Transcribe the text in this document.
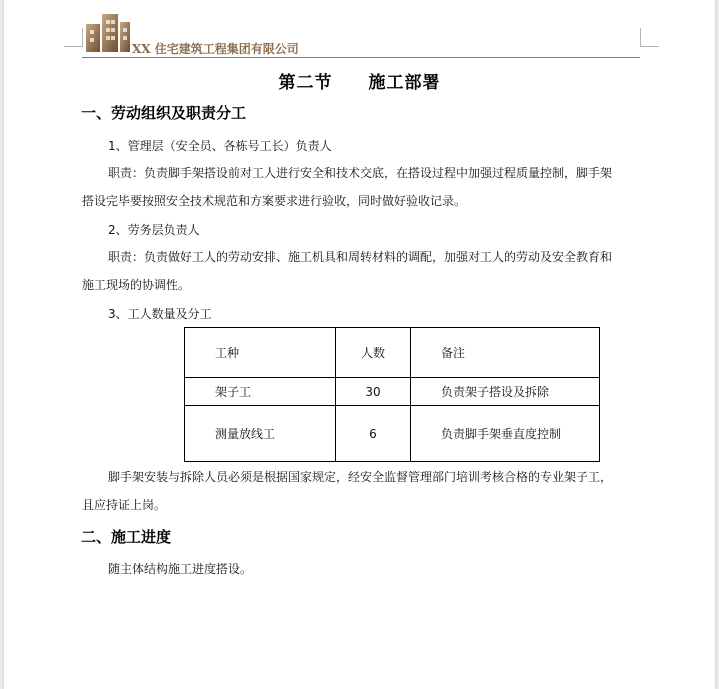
XX 住宅建筑工程集团有限公司
第二节　　施工部署
一、劳动组织及职责分工
1、管理层（安全员、各栋号工长）负责人
职责：负责脚手架搭设前对工人进行安全和技术交底，在搭设过程中加强过程质量控制，脚手架
搭设完毕要按照安全技术规范和方案要求进行验收，同时做好验收记录。
2、劳务层负责人
职责：负责做好工人的劳动安排、施工机具和周转材料的调配，加强对工人的劳动及安全教育和
施工现场的协调性。
3、工人数量及分工
工种	人数	备注
架子工	30	负责架子搭设及拆除
测量放线工	6	负责脚手架垂直度控制
脚手架安装与拆除人员必须是根据国家规定，经安全监督管理部门培训考核合格的专业架子工，
且应持证上岗。
二、施工进度
随主体结构施工进度搭设。
